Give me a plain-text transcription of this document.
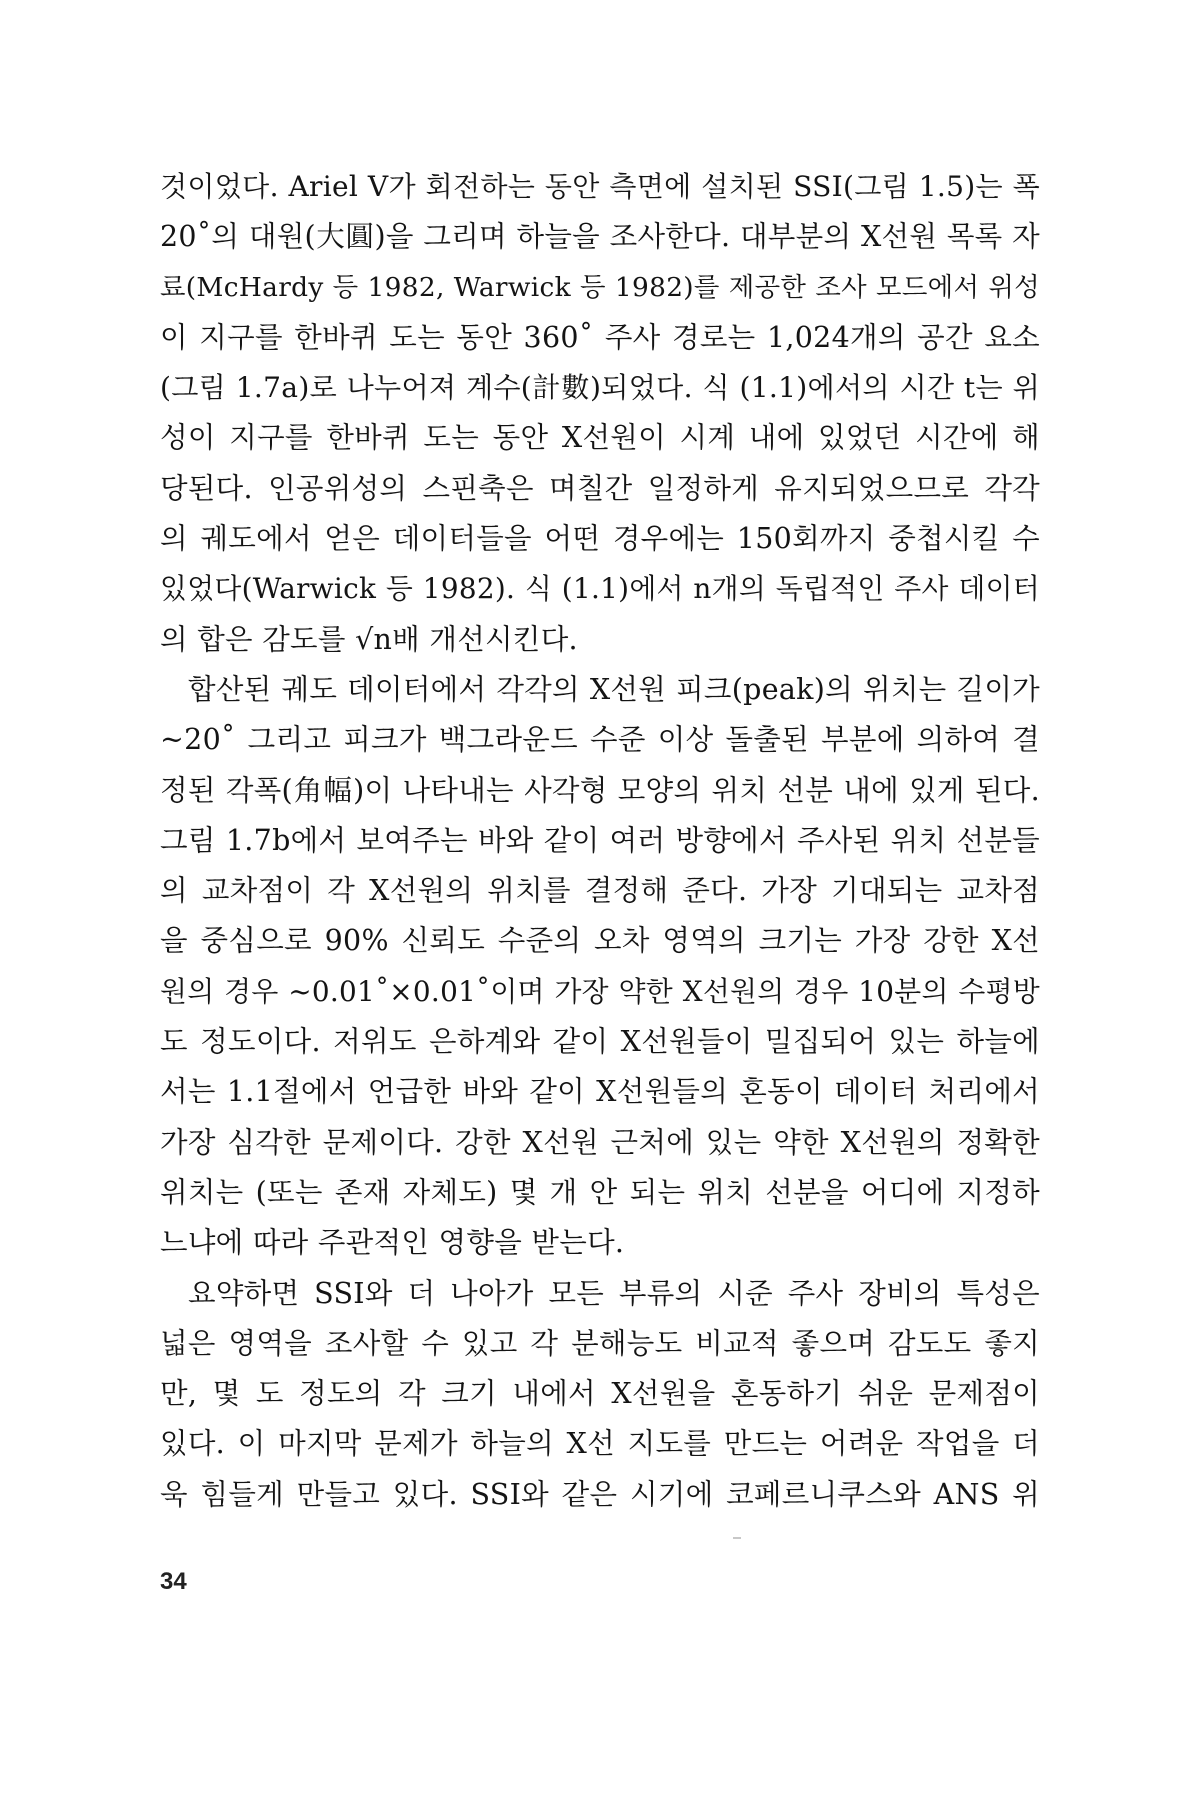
것이었다. Ariel V가 회전하는 동안 측면에 설치된 SSI(그림 1.5)는 폭
20˚의 대원(大圓)을 그리며 하늘을 조사한다. 대부분의 X선원 목록 자
료(McHardy 등 1982, Warwick 등 1982)를 제공한 조사 모드에서 위성
이 지구를 한바퀴 도는 동안 360˚ 주사 경로는 1,024개의 공간 요소
(그림 1.7a)로 나누어져 계수(計數)되었다. 식 (1.1)에서의 시간 t는 위
성이 지구를 한바퀴 도는 동안 X선원이 시계 내에 있었던 시간에 해
당된다. 인공위성의 스핀축은 며칠간 일정하게 유지되었으므로 각각
의 궤도에서 얻은 데이터들을 어떤 경우에는 150회까지 중첩시킬 수
있었다(Warwick 등 1982). 식 (1.1)에서 n개의 독립적인 주사 데이터
의 합은 감도를 √n배 개선시킨다.

합산된 궤도 데이터에서 각각의 X선원 피크(peak)의 위치는 길이가
~20˚ 그리고 피크가 백그라운드 수준 이상 돌출된 부분에 의하여 결
정된 각폭(角幅)이 나타내는 사각형 모양의 위치 선분 내에 있게 된다.
그림 1.7b에서 보여주는 바와 같이 여러 방향에서 주사된 위치 선분들
의 교차점이 각 X선원의 위치를 결정해 준다. 가장 기대되는 교차점
을 중심으로 90% 신뢰도 수준의 오차 영역의 크기는 가장 강한 X선
원의 경우 ~0.01˚×0.01˚이며 가장 약한 X선원의 경우 10분의 수평방
도 정도이다. 저위도 은하계와 같이 X선원들이 밀집되어 있는 하늘에
서는 1.1절에서 언급한 바와 같이 X선원들의 혼동이 데이터 처리에서
가장 심각한 문제이다. 강한 X선원 근처에 있는 약한 X선원의 정확한
위치는 (또는 존재 자체도) 몇 개 안 되는 위치 선분을 어디에 지정하
느냐에 따라 주관적인 영향을 받는다.

요약하면 SSI와 더 나아가 모든 부류의 시준 주사 장비의 특성은
넓은 영역을 조사할 수 있고 각 분해능도 비교적 좋으며 감도도 좋지
만, 몇 도 정도의 각 크기 내에서 X선원을 혼동하기 쉬운 문제점이
있다. 이 마지막 문제가 하늘의 X선 지도를 만드는 어려운 작업을 더
욱 힘들게 만들고 있다. SSI와 같은 시기에 코페르니쿠스와 ANS 위

34
